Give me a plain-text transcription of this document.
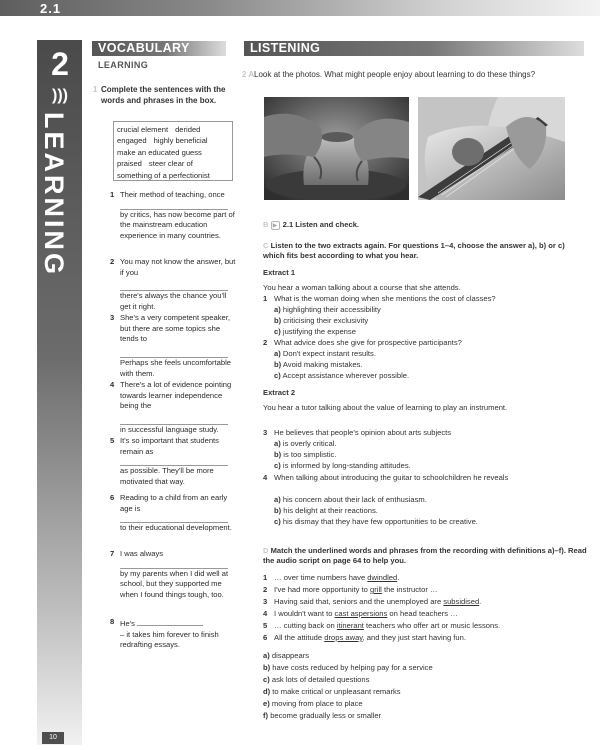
2.1
2
)))
LEARNING
VOCABULARY
LEARNING
1 Complete the sentences with the words and phrases in the box.
crucial element derided
engaged highly beneficial
make an educated guess
praised steer clear of
something of a perfectionist
1 Their method of teaching, once
by critics, has now become part of the mainstream education experience in many countries.
2 You may not know the answer, but if you
there's always the chance you'll get it right.
3 She's a very competent speaker, but there are some topics she tends to
Perhaps she feels uncomfortable with them.
4 There's a lot of evidence pointing towards learner independence being the
in successful language study.
5 It's so important that students remain as
as possible. They'll be more motivated that way.
6 Reading to a child from an early age is
to their educational development.
7 I was always
by my parents when I did well at school, but they supported me when I found things tough, too.
8 He's
– it takes him forever to finish redrafting essays.
10
LISTENING
2 A Look at the photos. What might people enjoy about learning to do these things?
B ▶ 2.1 Listen and check.
C Listen to the two extracts again. For questions 1–4, choose the answer a), b) or c) which fits best according to what you hear.
Extract 1
You hear a woman talking about a course that she attends.
1 What is the woman doing when she mentions the cost of classes?
a) highlighting their accessibility
b) criticising their exclusivity
c) justifying the expense
2 What advice does she give for prospective participants?
a) Don't expect instant results.
b) Avoid making mistakes.
c) Accept assistance wherever possible.
Extract 2
You hear a tutor talking about the value of learning to play an instrument.
3 He believes that people's opinion about arts subjects
a) is overly critical.
b) is too simplistic.
c) is informed by long-standing attitudes.
4 When talking about introducing the guitar to schoolchildren he reveals
a) his concern about their lack of enthusiasm.
b) his delight at their reactions.
c) his dismay that they have few opportunities to be creative.
D Match the underlined words and phrases from the recording with definitions a)–f). Read the audio script on page 64 to help you.
1 … over time numbers have dwindled.
2 I've had more opportunity to grill the instructor …
3 Having said that, seniors and the unemployed are subsidised.
4 I wouldn't want to cast aspersions on head teachers …
5 … cutting back on itinerant teachers who offer art or music lessons.
6 All the attitude drops away, and they just start having fun.
a) disappears
b) have costs reduced by helping pay for a service
c) ask lots of detailed questions
d) to make critical or unpleasant remarks
e) moving from place to place
f) become gradually less or smaller
